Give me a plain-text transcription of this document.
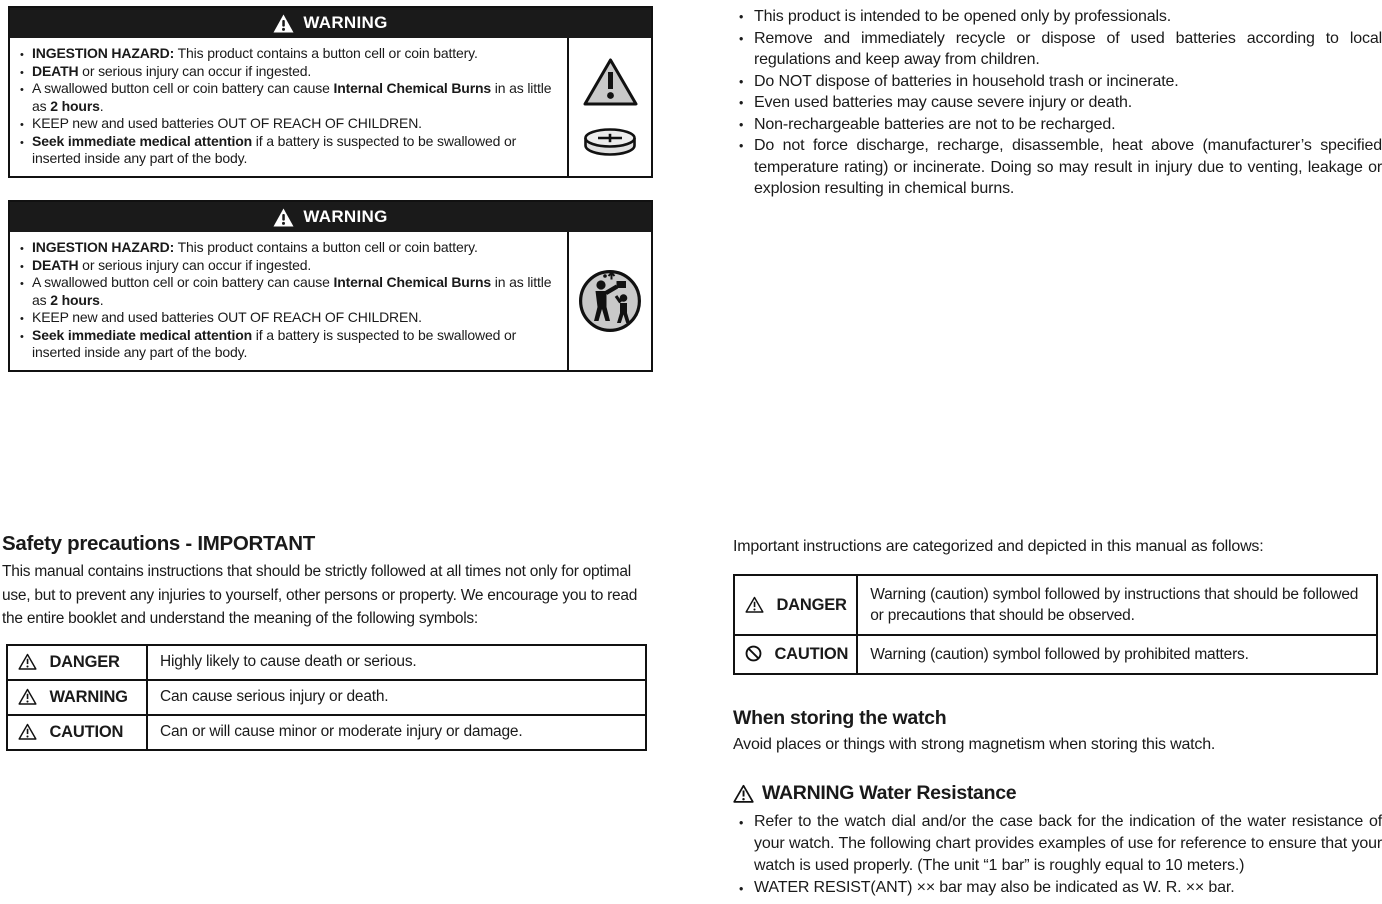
WARNING
• INGESTION HAZARD: This product contains a button cell or coin battery.
• DEATH or serious injury can occur if ingested.
• A swallowed button cell or coin battery can cause Internal Chemical Burns in as little as 2 hours.
• KEEP new and used batteries OUT OF REACH OF CHILDREN.
• Seek immediate medical attention if a battery is suspected to be swallowed or inserted inside any part of the body.
WARNING
• INGESTION HAZARD: This product contains a button cell or coin battery.
• DEATH or serious injury can occur if ingested.
• A swallowed button cell or coin battery can cause Internal Chemical Burns in as little as 2 hours.
• KEEP new and used batteries OUT OF REACH OF CHILDREN.
• Seek immediate medical attention if a battery is suspected to be swallowed or inserted inside any part of the body.
• This product is intended to be opened only by professionals.
• Remove and immediately recycle or dispose of used batteries according to local regulations and keep away from children.
• Do NOT dispose of batteries in household trash or incinerate.
• Even used batteries may cause severe injury or death.
• Non-rechargeable batteries are not to be recharged.
• Do not force discharge, recharge, disassemble, heat above (manufacturer’s specified temperature rating) or incinerate. Doing so may result in injury due to venting, leakage or explosion resulting in chemical burns.
Safety precautions - IMPORTANT

This manual contains instructions that should be strictly followed at all times not only for optimal use, but to prevent any injuries to yourself, other persons or property. We encourage you to read the entire booklet and understand the meaning of the following symbols:

DANGER	Highly likely to cause death or serious.
WARNING	Can cause serious injury or death.
CAUTION	Can or will cause minor or moderate injury or damage.

Important instructions are categorized and depicted in this manual as follows:

DANGER	Warning (caution) symbol followed by instructions that should be followed or precautions that should be observed.
CAUTION	Warning (caution) symbol followed by prohibited matters.
When storing the watch

Avoid places or things with strong magnetism when storing this watch.

WARNING Water Resistance
• Refer to the watch dial and/or the case back for the indication of the water resistance of your watch. The following chart provides examples of use for reference to ensure that your watch is used properly. (The unit “1 bar” is roughly equal to 10 meters.)
• WATER RESIST(ANT) ×× bar may also be indicated as W. R. ×× bar.
